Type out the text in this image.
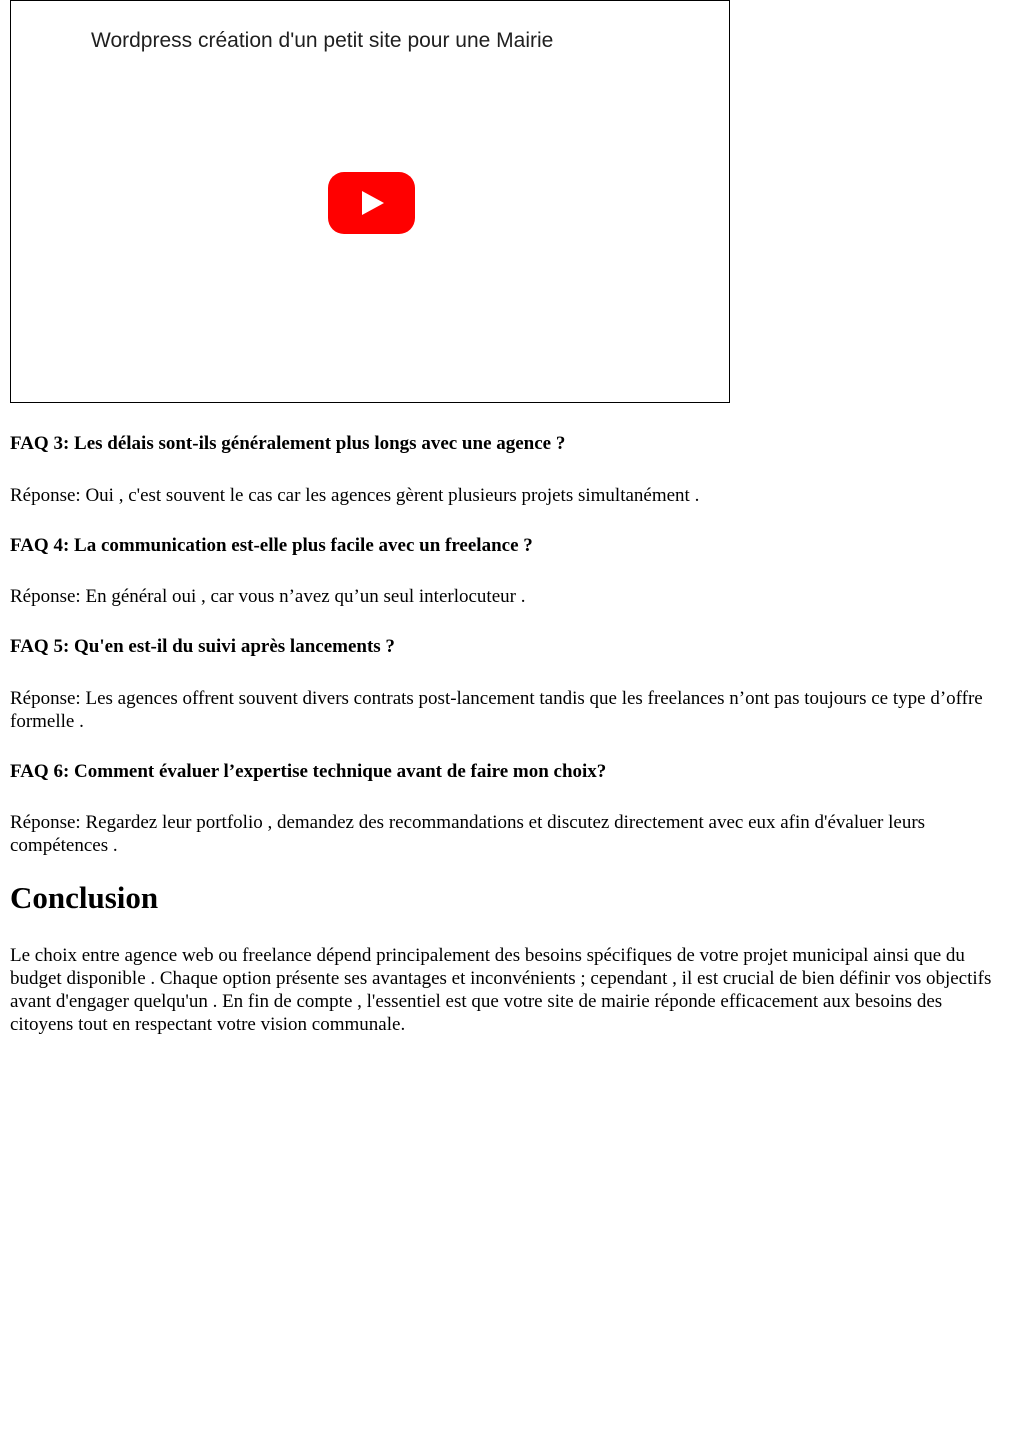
Wordpress création d'un petit site pour une Mairie

FAQ 3: Les délais sont-ils généralement plus longs avec une agence ?

Réponse: Oui , c'est souvent le cas car les agences gèrent plusieurs projets simultanément .

FAQ 4: La communication est-elle plus facile avec un freelance ?

Réponse: En général oui , car vous n’avez qu’un seul interlocuteur .

FAQ 5: Qu'en est-il du suivi après lancements ?

Réponse: Les agences offrent souvent divers contrats post-lancement tandis que les freelances n’ont pas toujours ce type d’offre formelle .

FAQ 6: Comment évaluer l’expertise technique avant de faire mon choix?

Réponse: Regardez leur portfolio , demandez des recommandations et discutez directement avec eux afin d'évaluer leurs compétences .

Conclusion

Le choix entre agence web ou freelance dépend principalement des besoins spécifiques de votre projet municipal ainsi que du budget disponible . Chaque option présente ses avantages et inconvénients ; cependant , il est crucial de bien définir vos objectifs avant d'engager quelqu'un . En fin de compte , l'essentiel est que votre site de mairie réponde efficacement aux besoins des citoyens tout en respectant votre vision communale.
